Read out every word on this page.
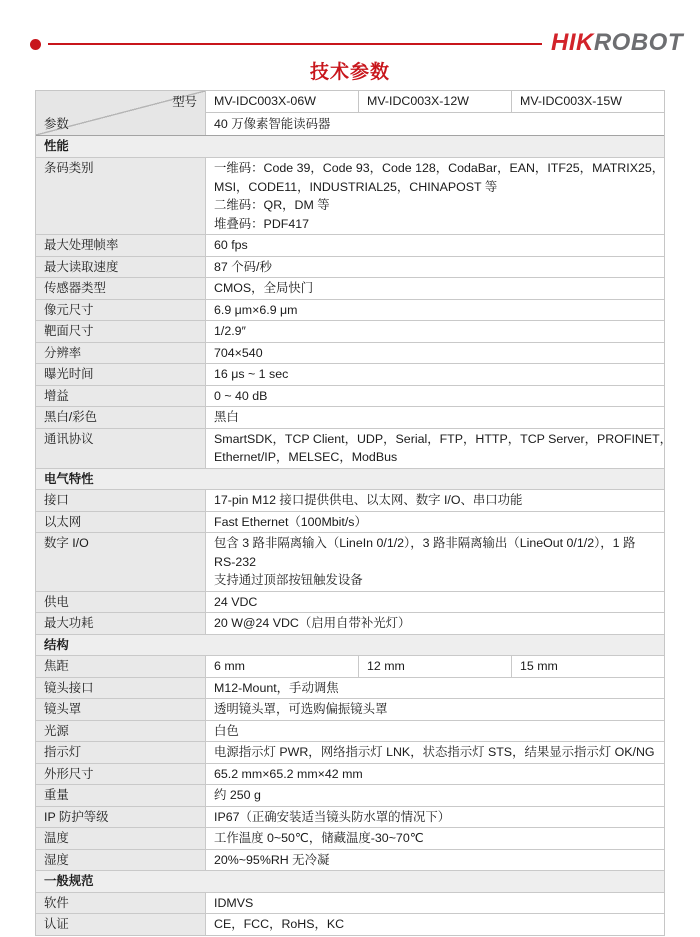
HIKROBOT
技术参数
型号
参数
MV-IDC003X-06W	MV-IDC003X-12W	MV-IDC003X-15W
40 万像素智能读码器
性能
条码类别	一维码：Code 39，Code 93，Code 128，CodaBar，EAN，ITF25，MATRIX25，
MSI，CODE11，INDUSTRIAL25，CHINAPOST 等
二维码：QR，DM 等
堆叠码：PDF417
最大处理帧率	60 fps
最大读取速度	87 个码/秒
传感器类型	CMOS，全局快门
像元尺寸	6.9 μm×6.9 μm
靶面尺寸	1/2.9″
分辨率	704×540
曝光时间	16 μs ~ 1 sec
增益	0 ~ 40 dB
黑白/彩色	黑白
通讯协议	SmartSDK，TCP Client，UDP，Serial，FTP，HTTP，TCP Server，PROFINET，
Ethernet/IP，MELSEC，ModBus
电气特性
接口	17-pin M12 接口提供供电、以太网、数字 I/O、串口功能
以太网	Fast Ethernet（100Mbit/s）
数字 I/O	包含 3 路非隔离输入（LineIn 0/1/2），3 路非隔离输出（LineOut 0/1/2），1 路
RS-232
支持通过顶部按钮触发设备
供电	24 VDC
最大功耗	20 W@24 VDC（启用自带补光灯）
结构
焦距	6 mm	12 mm	15 mm
镜头接口	M12-Mount，手动调焦
镜头罩	透明镜头罩，可选购偏振镜头罩
光源	白色
指示灯	电源指示灯 PWR，网络指示灯 LNK，状态指示灯 STS，结果显示指示灯 OK/NG
外形尺寸	65.2 mm×65.2 mm×42 mm
重量	约 250 g
IP 防护等级	IP67（正确安装适当镜头防水罩的情况下）
温度	工作温度 0~50℃，储藏温度-30~70℃
湿度	20%~95%RH 无冷凝
一般规范
软件	IDMVS
认证	CE，FCC，RoHS，KC
